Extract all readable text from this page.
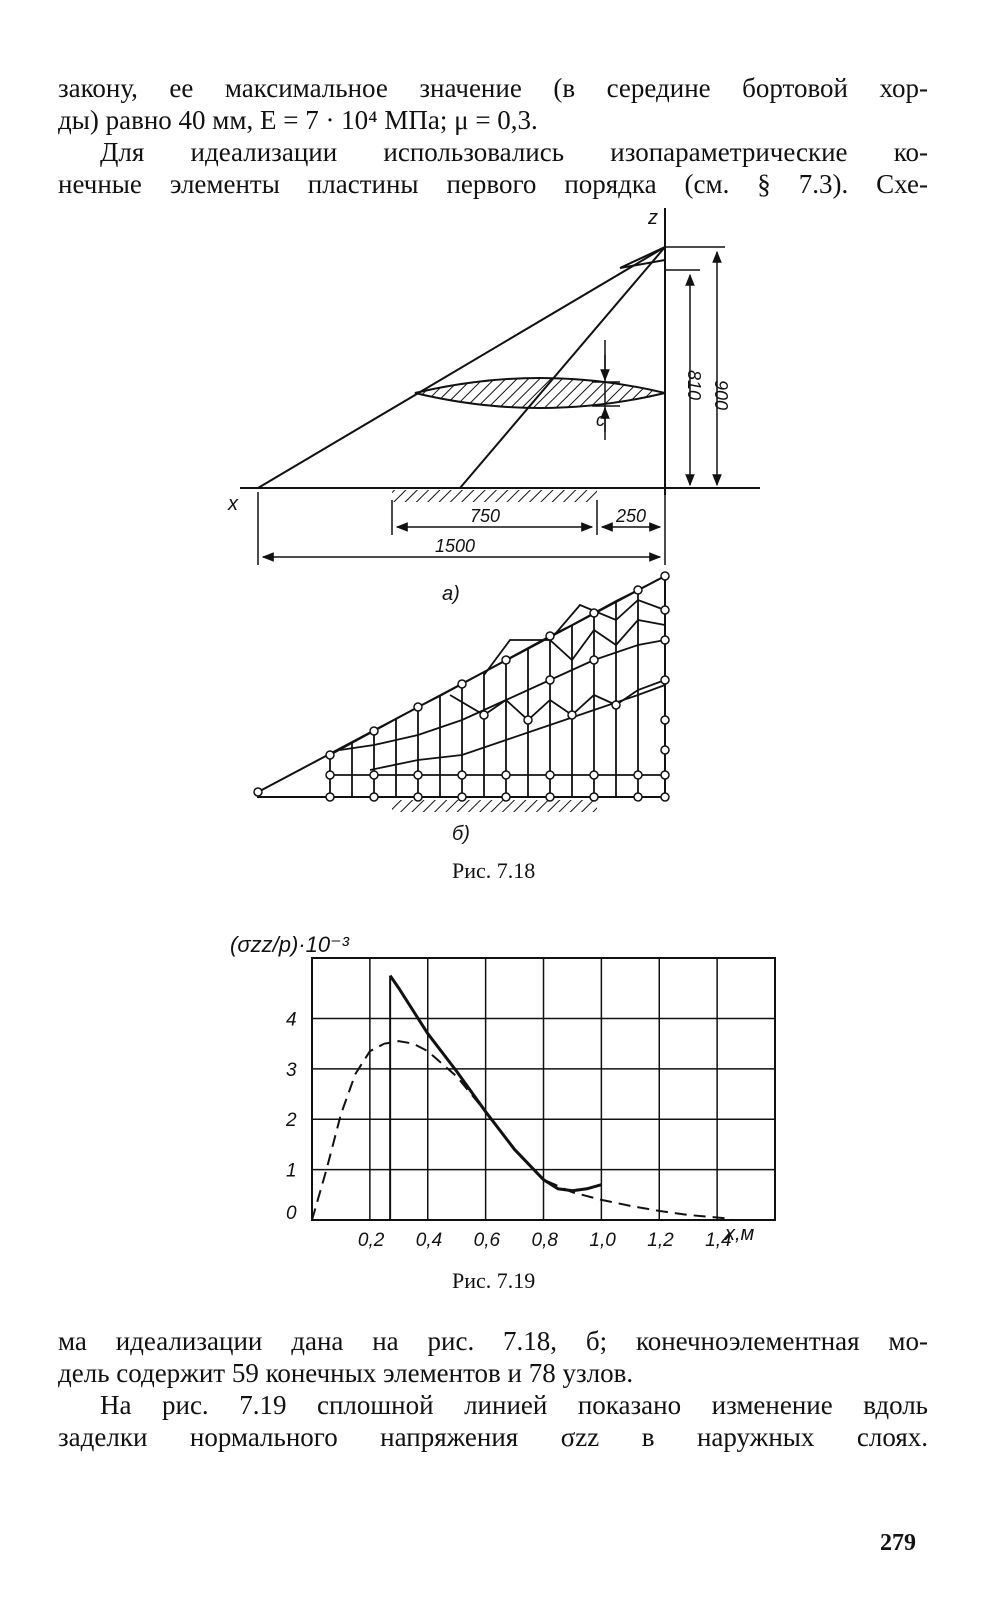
закону, ее максимальное значение (в середине бортовой хор-
ды) равно 40 мм, E = 7 · 10⁴ МПа; μ = 0,3.
Для идеализации использовались изопараметрические ко-
нечные элементы пластины первого порядка (см. § 7.3). Схе-
z
x
c
810 900
750	250
1500
а)
б)
Рис. 7.18
(σzz/p)·10⁻³
x,м
0,2 0,4 0,6 0,8 1,0 1,2 1,4
0
1
2
3
4
Рис. 7.19
ма идеализации дана на рис. 7.18, б; конечноэлементная мо-
дель содержит 59 конечных элементов и 78 узлов.
На рис. 7.19 сплошной линией показано изменение вдоль
заделки нормального напряжения σzz в наружных слоях.
279
